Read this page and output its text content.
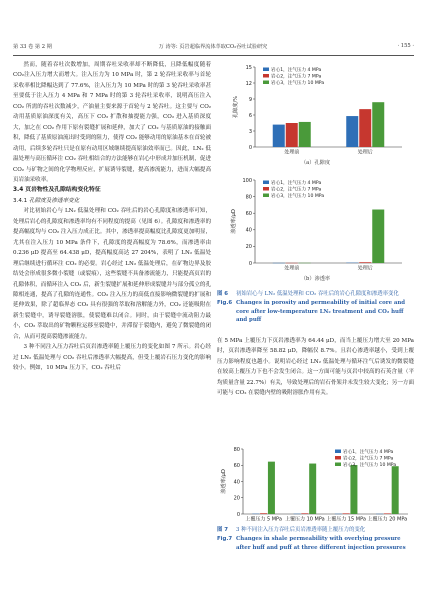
第 33 卷 第 2 期	万 涛等: 页岩超临界流体萃取CO₂吞吐试验研究	· 155 ·

然而，随着吞吐次数增加，周期吞吐采收率却不断降低，且降低幅度随着 CO₂注入压力增大而增大。注入压力为 10 MPa 时，第 2 轮吞吐采收率与首轮采收率相比降幅达到了 77.6%，注入压力为 10 MPa 时的第 3 轮吞吐采收率甚至要低于注入压力 4 MPa 和 7 MPa 时的第 3 轮吞吐采收率，说明高压注入 CO₂ 所需的吞吐次数减少，产油量主要来源于首轮与 2 轮吞吐。这主要与 CO₂ 动用基质原油深度有关，高压下 CO₂ 扩散和抽提能力强，CO₂ 进入基质深度大，加之在 CO₂ 作用下原有裂缝扩展和延伸，加大了 CO₂ 与基质原油的接触面积，降低了基质原油流出时受到的阻力，使得 CO₂ 能够动用的原油基本在首轮被动用，后续多轮吞吐只是在原有动用区域继续提高原油效率而已。因此，LN₂ 低温处理与高压循环注 CO₂ 吞吐相结合的方法能够在岩心中形成并加压机制，促进 CO₂ 与矿物之间的化学物理反应，扩展诱导裂缝，提高渗流能力，进而大幅提高页岩油采收率。

3.4 页岩物性及孔隙结构变化特征
3.4.1 孔隙度及渗透率变化

对比初始岩心与 LN₂ 低温处理和 CO₂ 吞吐后的岩心孔隙度和渗透率可知，处理后岩心的孔隙度和渗透率均有不同程度的提高（见图 6）。孔隙度和渗透率的提高幅度均与 CO₂ 注入压力成正比。其中，渗透率提高幅度比孔隙度更加明显，尤其在注入压力 10 MPa 条件下，孔隙度的提高幅度为 78.6%，而渗透率由 0.236 μD 提高至 64.438 μD，提高幅度高达 27 204%，表明了 LN₂ 低温处理后继续进行循环注 CO₂ 的必要。岩心经过 LN₂ 低温处理后，在矿物边界及胶结处会形成很多微小裂缝（或裂痕），这些裂缝不具备渗流能力，只能提高页岩的孔隙体积，而循环注入 CO₂ 后，新生裂缝扩展和延伸形成裂缝并与部分孤立的孔隙相连通，提高了孔隙的连通性。CO₂ 注入压力的高低直接影响微裂缝的扩展和延伸效果，除了超临界态 CO₂ 具有很强的萃取和溶解能力外，CO₂ 还能吸附在新生裂缝中，诱导裂缝溶胀，使裂缝难以闭合。同时，由于裂缝中流动阻力最小，CO₂ 萃取出的矿物颗粒运移至裂缝中，并滞留于裂缝内，避免了微裂缝的闭合，从而可提高裂缝渗流能力。

3 种不同注入压力吞吐后页岩渗透率随上覆压力的变化如图 7 所示。岩心经过 LN₂ 低温处理与 CO₂ 吞吐后渗透率大幅提高，但受上覆岩石压力变化的影响较小。例如，10 MPa 压力下，CO₂ 吞吐后

0
3
6
9
12
15
孔隙度/%
处理前	处理后
岩心1，注气压力 4 MPa
岩心2，注气压力 7 MPa
岩心3，注气压力 10 MPa
（a）孔隙度
0
20
40
60
80
100
渗透率/μD
处理前	处理后
岩心1，注气压力 4 MPa
岩心2，注气压力 7 MPa
岩心3，注气压力 10 MPa
（b）渗透率
图 6	初始岩心与 LN₂ 低温处理和 CO₂ 吞吐后的岩心孔隙度和渗透率变化
Fig.6 Changes in porosity and permeability of initial core and core after low-temperature LN₂ treatment and CO₂ huff and puff

在 5 MPa 上覆压力下页岩渗透率为 64.44 μD，而当上覆压力增大至 20 MPa 时，页岩渗透率降至 58.82 μD，降幅仅 8.7%。且岩心渗透率越小，受到上覆压力影响程度也越小。说明岩心经过 LN₂ 低温处理与循环注气后诱发的微裂缝在较高上覆压力下也不会发生闭合。这一方面可能与页岩中较高的石英含量（平均质量含量 22.7%）有关，导致处理后的岩石骨架并未发生较大变化；另一方面可能与 CO₂ 在裂缝内壁的吸附溶胀作用有关。

0
20
40
60
80
渗透率/μD
上覆压力 5 MPa 上覆压力 10 MPa 上覆压力 15 MPa 上覆压力 20 MPa
岩心1，注气压力 4 MPa
岩心2，注气压力 7 MPa
岩心3，注气压力 10 MPa
图 7	3 种不同注入压力吞吐后页岩渗透率随上覆压力的变化
Fig.7 Changes in shale permeability with overlying pressure after huff and puff at three different injection pressures
